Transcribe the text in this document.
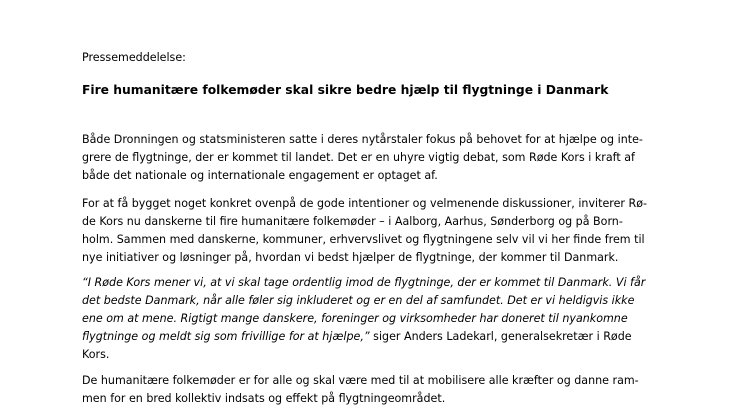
Pressemeddelelse:
Fire humanitære folkemøder skal sikre bedre hjælp til flygtninge i Danmark

Både Dronningen og statsministeren satte i deres nytårstaler fokus på behovet for at hjælpe og inte-
grere de flygtninge, der er kommet til landet. Det er en uhyre vigtig debat, som Røde Kors i kraft af
både det nationale og internationale engagement er optaget af.

For at få bygget noget konkret ovenpå de gode intentioner og velmenende diskussioner, inviterer Rø-
de Kors nu danskerne til fire humanitære folkemøder – i Aalborg, Aarhus, Sønderborg og på Born-
holm. Sammen med danskerne, kommuner, erhvervslivet og flygtningene selv vil vi her finde frem til
nye initiativer og løsninger på, hvordan vi bedst hjælper de flygtninge, der kommer til Danmark.

“I Røde Kors mener vi, at vi skal tage ordentlig imod de flygtninge, der er kommet til Danmark. Vi får
det bedste Danmark, når alle føler sig inkluderet og er en del af samfundet. Det er vi heldigvis ikke
ene om at mene. Rigtigt mange danskere, foreninger og virksomheder har doneret til nyankomne
flygtninge og meldt sig som frivillige for at hjælpe,” siger Anders Ladekarl, generalsekretær i Røde
Kors.

De humanitære folkemøder er for alle og skal være med til at mobilisere alle kræfter og danne ram-
men for en bred kollektiv indsats og effekt på flygtningeområdet.
